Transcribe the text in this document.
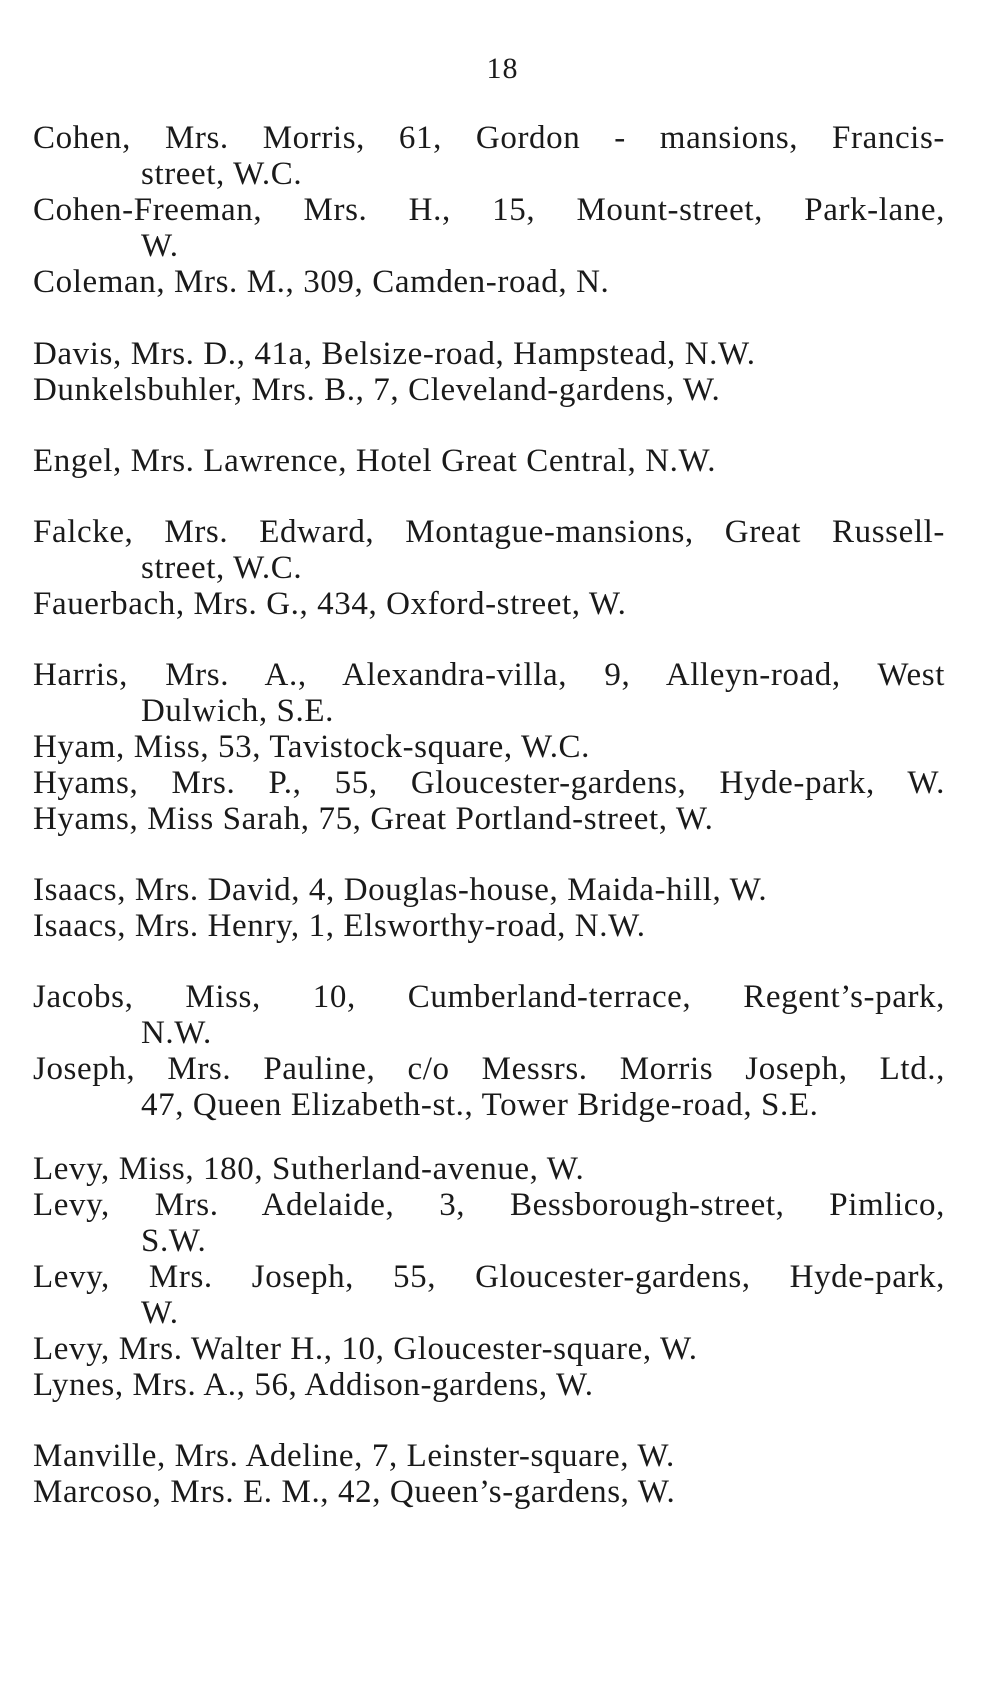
18
Cohen, Mrs. Morris, 61, Gordon - mansions, Francis-
street, W.C.
Cohen-Freeman, Mrs. H., 15, Mount-street, Park-lane,
W.
Coleman, Mrs. M., 309, Camden-road, N.
Davis, Mrs. D., 41a, Belsize-road, Hampstead, N.W.
Dunkelsbuhler, Mrs. B., 7, Cleveland-gardens, W.
Engel, Mrs. Lawrence, Hotel Great Central, N.W.
Falcke, Mrs. Edward, Montague-mansions, Great Russell-
street, W.C.
Fauerbach, Mrs. G., 434, Oxford-street, W.
Harris, Mrs. A., Alexandra-villa, 9, Alleyn-road, West
Dulwich, S.E.
Hyam, Miss, 53, Tavistock-square, W.C.
Hyams, Mrs. P., 55, Gloucester-gardens, Hyde-park, W.
Hyams, Miss Sarah, 75, Great Portland-street, W.
Isaacs, Mrs. David, 4, Douglas-house, Maida-hill, W.
Isaacs, Mrs. Henry, 1, Elsworthy-road, N.W.
Jacobs, Miss, 10, Cumberland-terrace, Regent’s-park,
N.W.
Joseph, Mrs. Pauline, c/o Messrs. Morris Joseph, Ltd.,
47, Queen Elizabeth-st., Tower Bridge-road, S.E.
Levy, Miss, 180, Sutherland-avenue, W.
Levy, Mrs. Adelaide, 3, Bessborough-street, Pimlico,
S.W.
Levy, Mrs. Joseph, 55, Gloucester-gardens, Hyde-park,
W.
Levy, Mrs. Walter H., 10, Gloucester-square, W.
Lynes, Mrs. A., 56, Addison-gardens, W.
Manville, Mrs. Adeline, 7, Leinster-square, W.
Marcoso, Mrs. E. M., 42, Queen’s-gardens, W.
